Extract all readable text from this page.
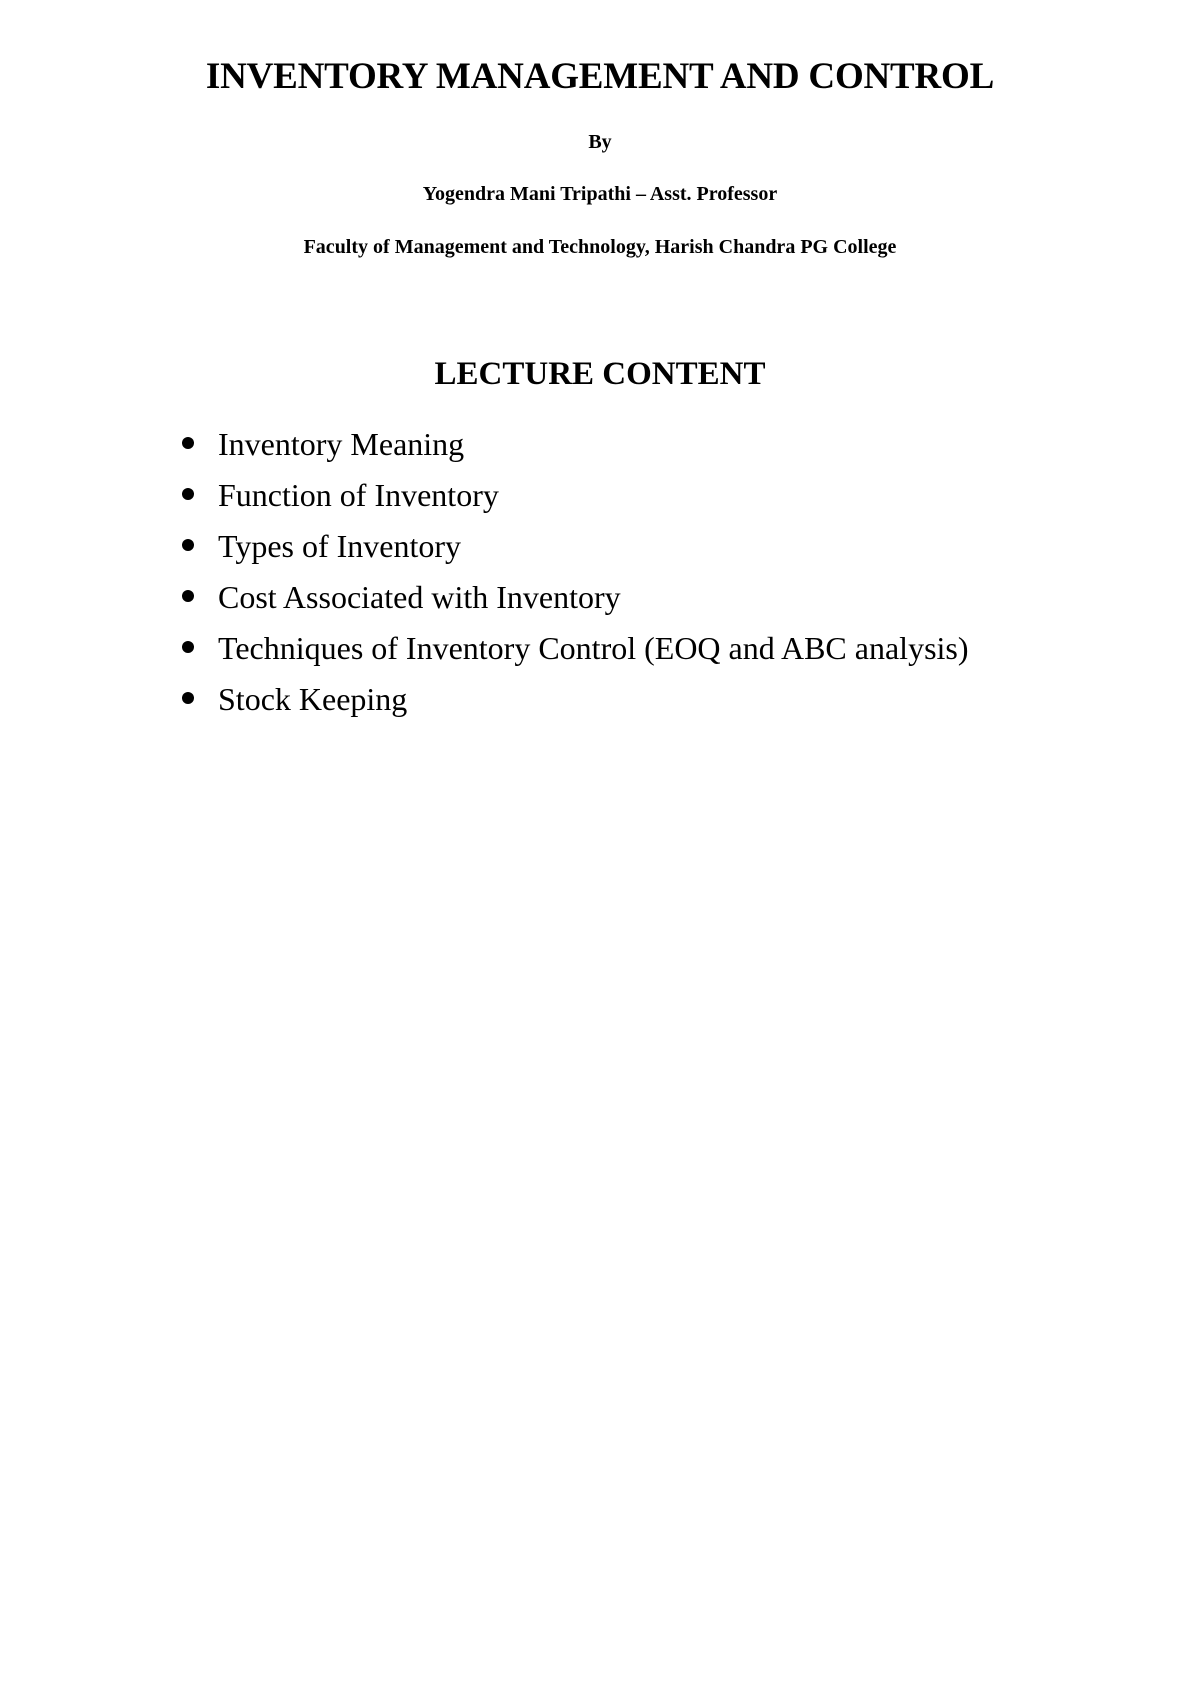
INVENTORY MANAGEMENT AND CONTROL

By

Yogendra Mani Tripathi – Asst. Professor

Faculty of Management and Technology, Harish Chandra PG College

LECTURE CONTENT
Inventory Meaning
Function of Inventory
Types of Inventory
Cost Associated with Inventory
Techniques of Inventory Control (EOQ and ABC analysis)
Stock Keeping
